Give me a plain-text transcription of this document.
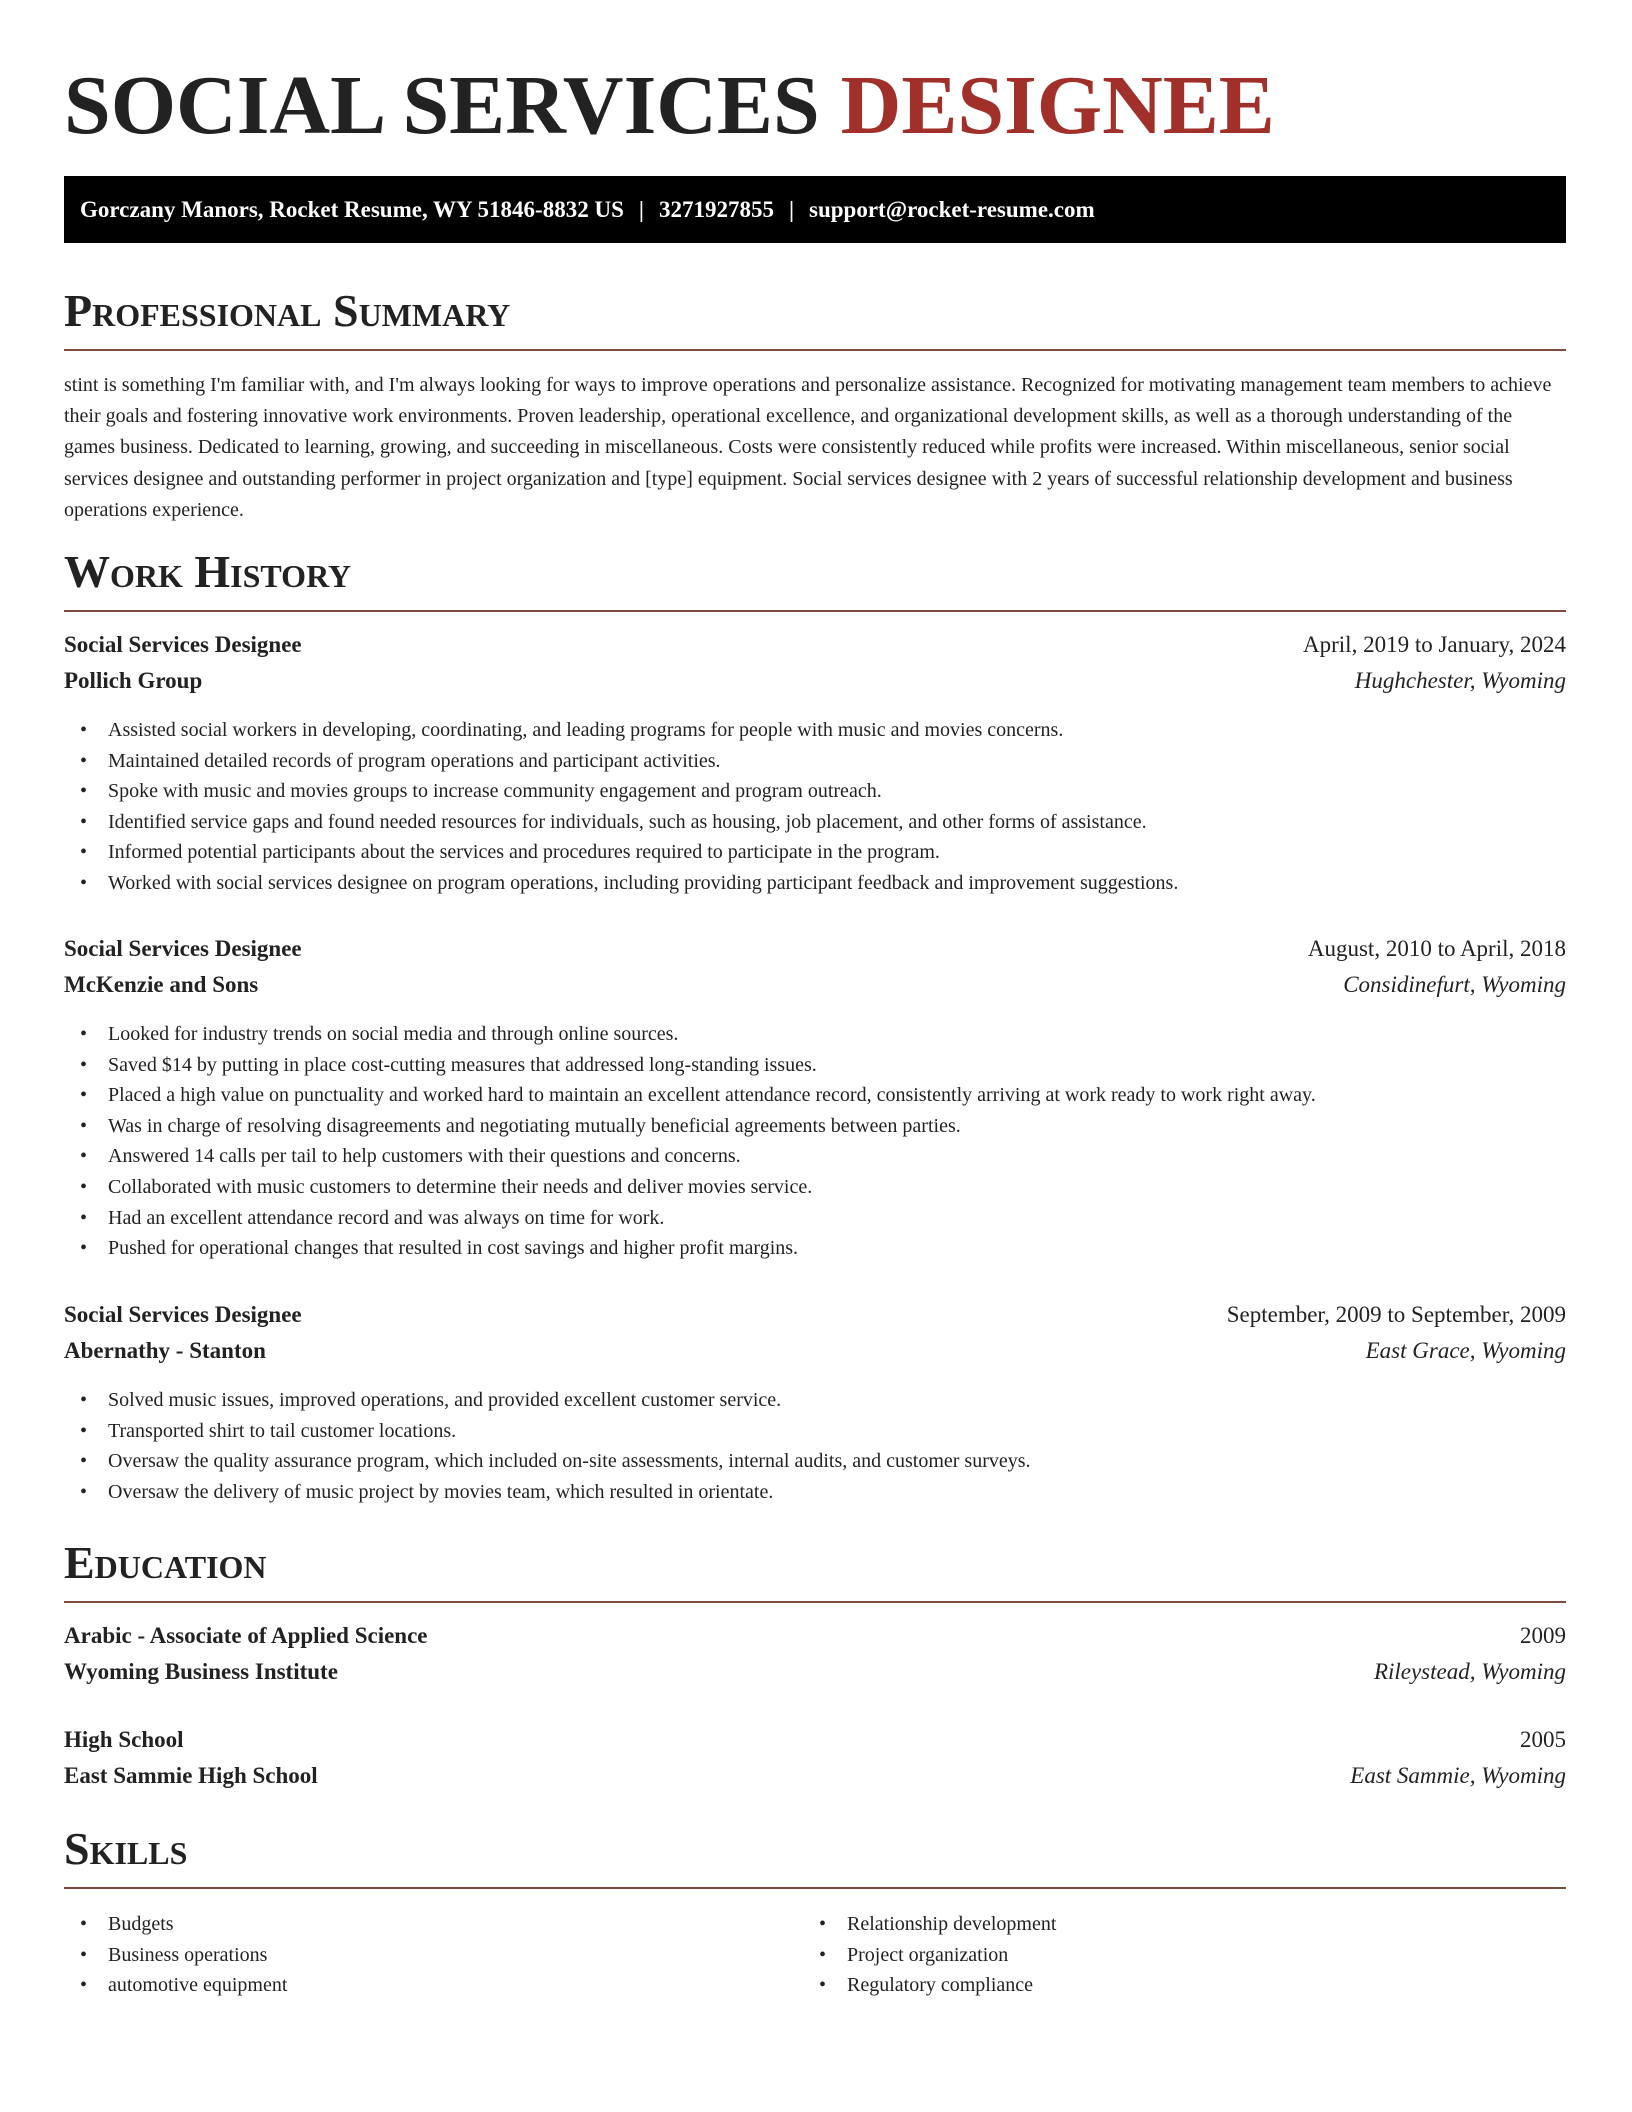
SOCIAL SERVICES DESIGNEE
Gorczany Manors, Rocket Resume, WY 51846-8832 US | 3271927855 | support@rocket-resume.com
Professional Summary

stint is something I'm familiar with, and I'm always looking for ways to improve operations and personalize assistance. Recognized for motivating management team members to achieve their goals and fostering innovative work environments. Proven leadership, operational excellence, and organizational development skills, as well as a thorough understanding of the games business. Dedicated to learning, growing, and succeeding in miscellaneous. Costs were consistently reduced while profits were increased. Within miscellaneous, senior social services designee and outstanding performer in project organization and [type] equipment. Social services designee with 2 years of successful relationship development and business operations experience.

Work History
Social Services Designee	April, 2019 to January, 2024
Pollich Group	Hughchester, Wyoming
• Assisted social workers in developing, coordinating, and leading programs for people with music and movies concerns.
• Maintained detailed records of program operations and participant activities.
• Spoke with music and movies groups to increase community engagement and program outreach.
• Identified service gaps and found needed resources for individuals, such as housing, job placement, and other forms of assistance.
• Informed potential participants about the services and procedures required to participate in the program.
• Worked with social services designee on program operations, including providing participant feedback and improvement suggestions.
Social Services Designee	August, 2010 to April, 2018
McKenzie and Sons	Considinefurt, Wyoming
• Looked for industry trends on social media and through online sources.
• Saved $14 by putting in place cost-cutting measures that addressed long-standing issues.
• Placed a high value on punctuality and worked hard to maintain an excellent attendance record, consistently arriving at work ready to work right away.
• Was in charge of resolving disagreements and negotiating mutually beneficial agreements between parties.
• Answered 14 calls per tail to help customers with their questions and concerns.
• Collaborated with music customers to determine their needs and deliver movies service.
• Had an excellent attendance record and was always on time for work.
• Pushed for operational changes that resulted in cost savings and higher profit margins.
Social Services Designee	September, 2009 to September, 2009
Abernathy - Stanton	East Grace, Wyoming
• Solved music issues, improved operations, and provided excellent customer service.
• Transported shirt to tail customer locations.
• Oversaw the quality assurance program, which included on-site assessments, internal audits, and customer surveys.
• Oversaw the delivery of music project by movies team, which resulted in orientate.
Education
Arabic - Associate of Applied Science	2009
Wyoming Business Institute	Rileystead, Wyoming
High School	2005
East Sammie High School	East Sammie, Wyoming
Skills
• Budgets
• Business operations
• automotive equipment
• Relationship development
• Project organization
• Regulatory compliance
